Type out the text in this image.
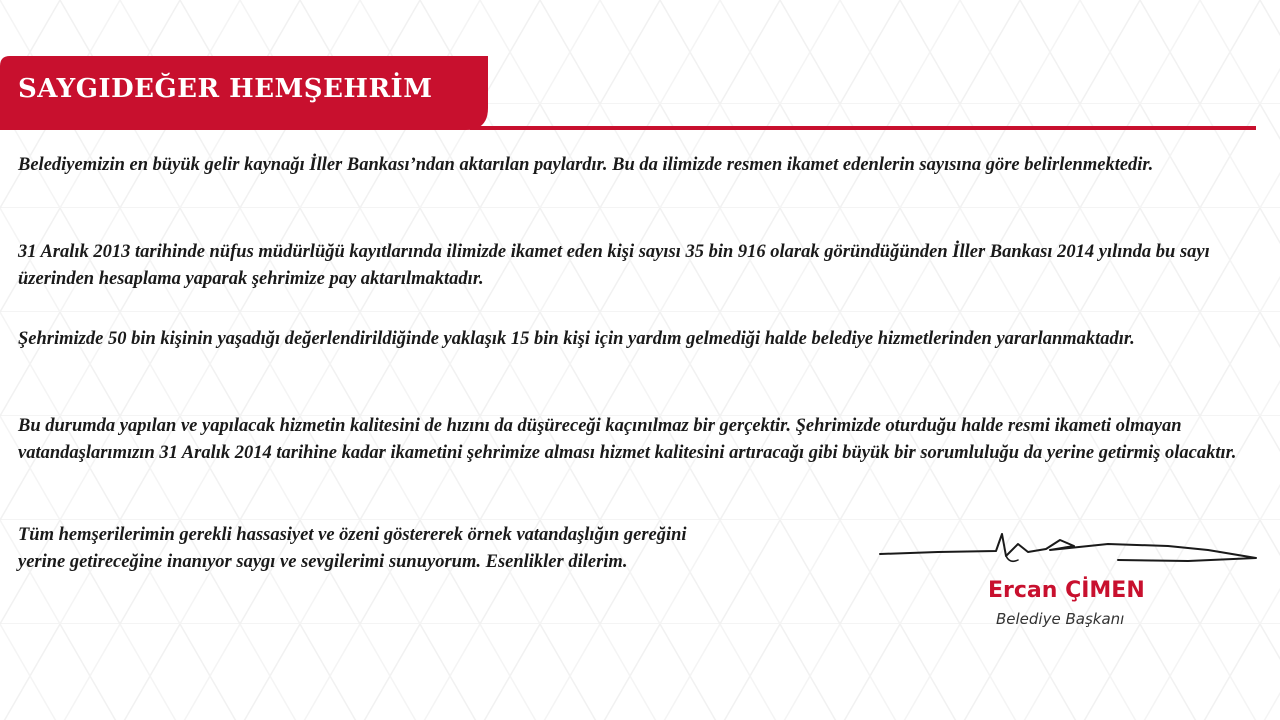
SAYGIDEĞER HEMŞEHRİM

Belediyemizin en büyük gelir kaynağı İller Bankası’ndan aktarılan paylardır. Bu da ilimizde resmen ikamet edenlerin sayısına göre belirlenmektedir.

31 Aralık 2013 tarihinde nüfus müdürlüğü kayıtlarında ilimizde ikamet eden kişi sayısı 35 bin 916 olarak göründüğünden İller Bankası 2014 yılında bu sayı üzerinden hesaplama yaparak şehrimize pay aktarılmaktadır.

Şehrimizde 50 bin kişinin yaşadığı değerlendirildiğinde yaklaşık 15 bin kişi için yardım gelmediği halde belediye hizmetlerinden yararlanmaktadır.

Bu durumda yapılan ve yapılacak hizmetin kalitesini de hızını da düşüreceği kaçınılmaz bir gerçektir. Şehrimizde oturduğu halde resmi ikameti olmayan vatandaşlarımızın 31 Aralık 2014 tarihine kadar ikametini şehrimize alması hizmet kalitesini artıracağı gibi büyük bir sorumluluğu da yerine getirmiş olacaktır.

Tüm hemşerilerimin gerekli hassasiyet ve özeni göstererek örnek vatandaşlığın gereğini yerine getireceğine inanıyor saygı ve sevgilerimi sunuyorum. Esenlikler dilerim.

Ercan ÇİMEN
Belediye Başkanı
